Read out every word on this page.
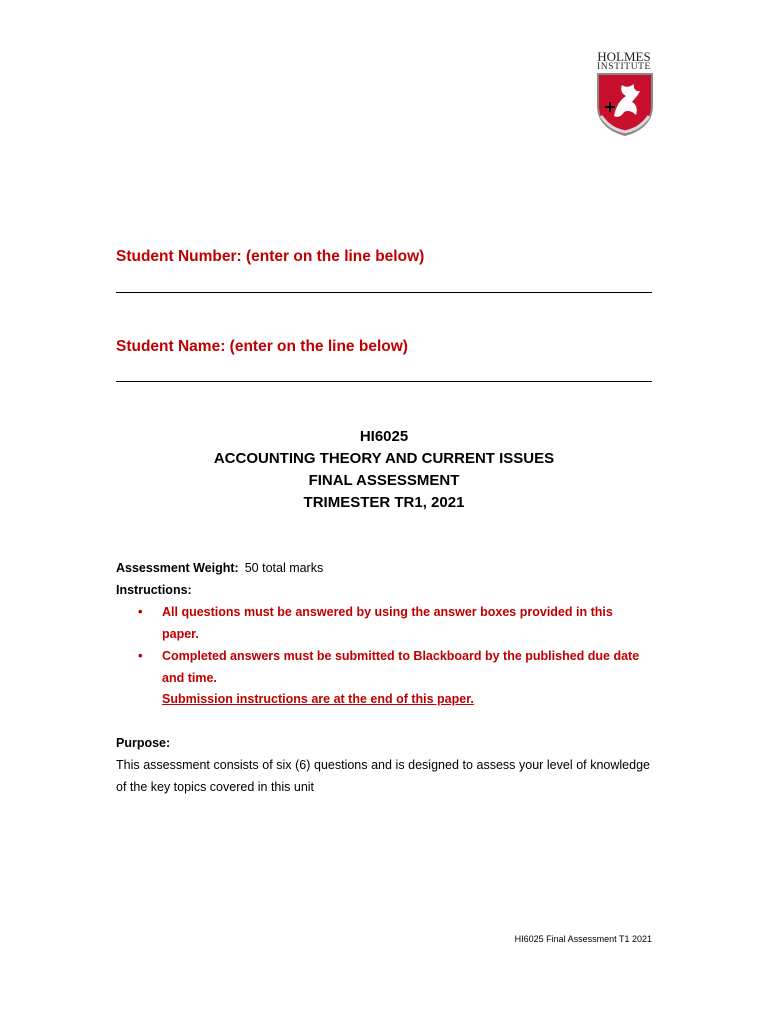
HOLMES
INSTITUTE

Student Number: (enter on the line below)

Student Name: (enter on the line below)

HI6025

ACCOUNTING THEORY AND CURRENT ISSUES

FINAL ASSESSMENT

TRIMESTER TR1, 2021

Assessment Weight: 50 total marks

Instructions:

• All questions must be answered by using the answer boxes provided in this paper.
• Completed answers must be submitted to Blackboard by the published due date and time.

Submission instructions are at the end of this paper.

Purpose:

This assessment consists of six (6) questions and is designed to assess your level of knowledge of the key topics covered in this unit

HI6025 Final Assessment T1 2021
